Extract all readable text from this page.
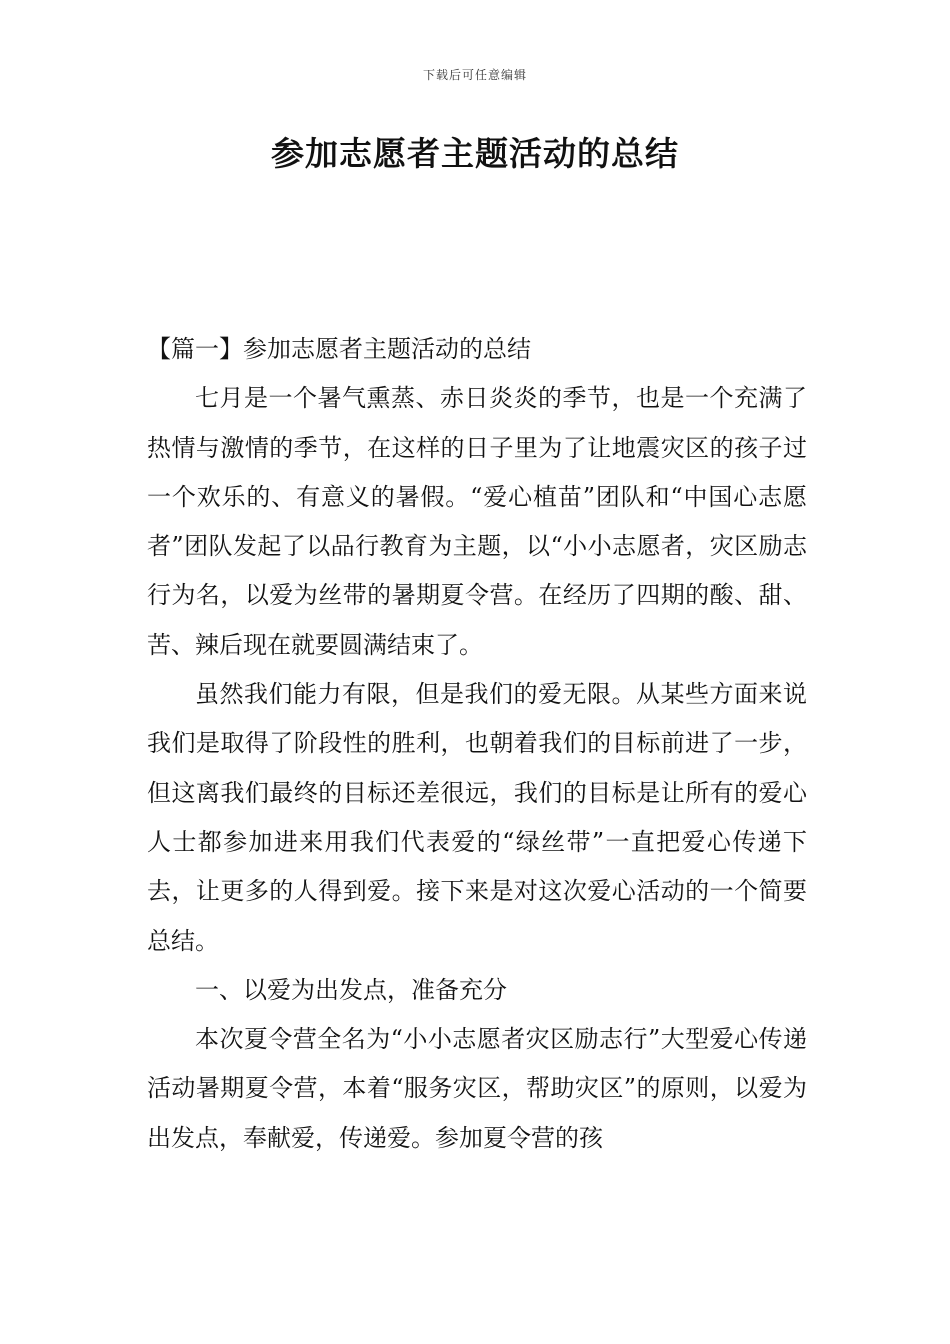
下载后可任意编辑
参加志愿者主题活动的总结

【篇一】参加志愿者主题活动的总结

七月是一个暑气熏蒸、赤日炎炎的季节，也是一个充满了热情与激情的季节，在这样的日子里为了让地震灾区的孩子过一个欢乐的、有意义的暑假。“爱心植苗”团队和“中国心志愿者”团队发起了以品行教育为主题，以“小小志愿者，灾区励志行为名，以爱为丝带的暑期夏令营。在经历了四期的酸、甜、苦、辣后现在就要圆满结束了。

虽然我们能力有限，但是我们的爱无限。从某些方面来说我们是取得了阶段性的胜利，也朝着我们的目标前进了一步，但这离我们最终的目标还差很远，我们的目标是让所有的爱心人士都参加进来用我们代表爱的“绿丝带”一直把爱心传递下去，让更多的人得到爱。接下来是对这次爱心活动的一个简要总结。

一、以爱为出发点，准备充分

本次夏令营全名为“小小志愿者灾区励志行”大型爱心传递活动暑期夏令营，本着“服务灾区，帮助灾区”的原则，以爱为出发点，奉献爱，传递爱。参加夏令营的孩
